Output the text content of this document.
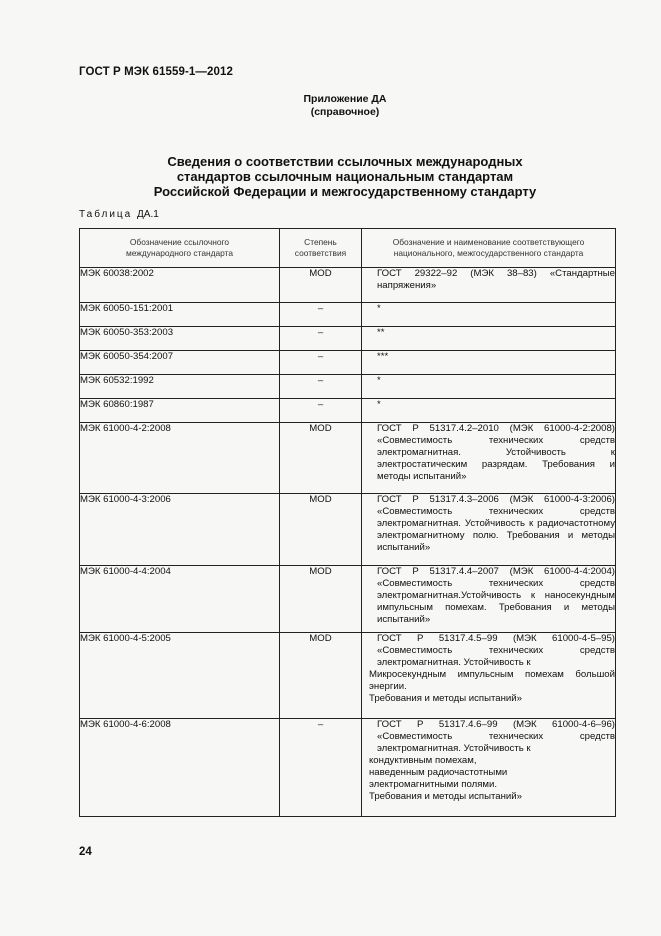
ГОСТ Р МЭК 61559-1—2012
Приложение ДА
(справочное)
Сведения о соответствии ссылочных международных
стандартов ссылочным национальным стандартам
Российской Федерации и межгосударственному стандарту
Таблица ДА.1
Обозначение ссылочного международного стандарта	Степень соответствия	Обозначение и наименование соответствующего национального, межгосударственного стандарта

МЭК 60038:2002	MOD	ГОСТ 29322–92 (МЭК 38–83) «Стандартные напряжения»

МЭК 60050-151:2001	–	*
МЭК 60050-353:2003	–	**
МЭК 60050-354:2007	–	***
МЭК 60532:1992	–	*
МЭК 60860:1987	–	*
МЭК 61000-4-2:2008	MOD	ГОСТ Р 51317.4.2–2010 (МЭК 61000-4-2:2008) «Совместимость технических средств электромагнитная. Устойчивость к электростатическим разрядам. Требования и методы испытаний»

МЭК 61000-4-3:2006	MOD	ГОСТ Р 51317.4.3–2006 (МЭК 61000-4-3:2006) «Совместимость технических средств электромагнитная. Устойчивость к радиочастотному электромагнитному полю. Требования и методы испытаний»

МЭК 61000-4-4:2004	MOD	ГОСТ Р 51317.4.4–2007 (МЭК 61000-4-4:2004) «Совместимость технических средств электромагнитная.Устойчивость к наносекундным импульсным помехам. Требования и методы испытаний»

МЭК 61000-4-5:2005	MOD	ГОСТ Р 51317.4.5–99 (МЭК 61000-4-5–95) «Совместимость технических средств электромагнитная. Устойчивость к
Микросекундным импульсным помехам большой энергии.
Требования и методы испытаний»

МЭК 61000-4-6:2008	–	ГОСТ Р 51317.4.6–99 (МЭК 61000-4-6–96) «Совместимость технических средств электромагнитная. Устойчивость к
кондуктивным помехам,
наведенным радиочастотными
электромагнитными полями.
Требования и методы испытаний»
24
